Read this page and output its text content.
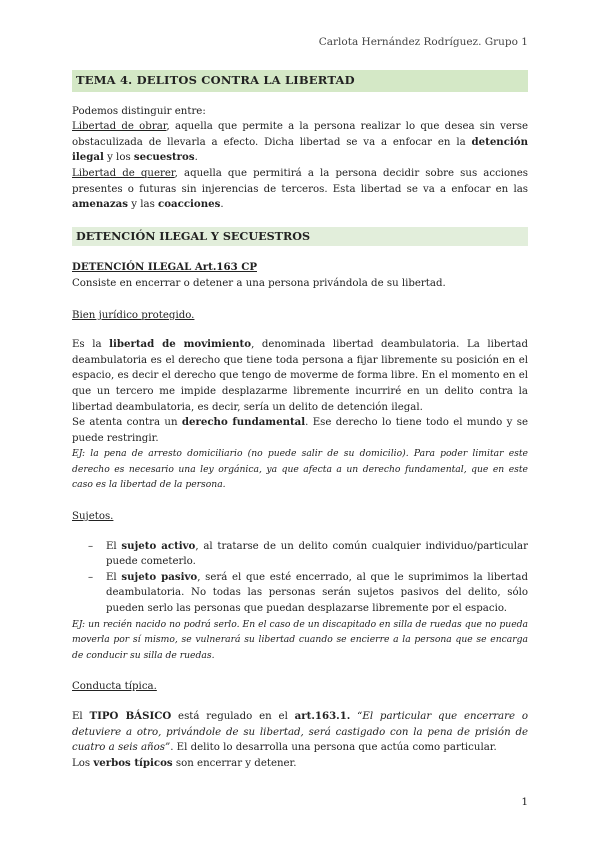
Carlota Hernández Rodríguez. Grupo 1
TEMA 4. DELITOS CONTRA LA LIBERTAD

Podemos distinguir entre:

Libertad de obrar, aquella que permite a la persona realizar lo que desea sin verse obstaculizada de llevarla a efecto. Dicha libertad se va a enfocar en la detención ilegal y los secuestros.

Libertad de querer, aquella que permitirá a la persona decidir sobre sus acciones presentes o futuras sin injerencias de terceros. Esta libertad se va a enfocar en las amenazas y las coacciones.

DETENCIÓN ILEGAL Y SECUESTROS

DETENCIÓN ILEGAL Art.163 CP

Consiste en encerrar o detener a una persona privándola de su libertad.

Bien jurídico protegido.

Es la libertad de movimiento, denominada libertad deambulatoria. La libertad deambulatoria es el derecho que tiene toda persona a fijar libremente su posición en el espacio, es decir el derecho que tengo de moverme de forma libre. En el momento en el que un tercero me impide desplazarme libremente incurriré en un delito contra la libertad deambulatoria, es decir, sería un delito de detención ilegal.

Se atenta contra un derecho fundamental. Ese derecho lo tiene todo el mundo y se puede restringir.

EJ: la pena de arresto domiciliario (no puede salir de su domicilio). Para poder limitar este derecho es necesario una ley orgánica, ya que afecta a un derecho fundamental, que en este caso es la libertad de la persona.

Sujetos.

– El sujeto activo, al tratarse de un delito común cualquier individuo/particular puede cometerlo.
– El sujeto pasivo, será el que esté encerrado, al que le suprimimos la libertad deambulatoria. No todas las personas serán sujetos pasivos del delito, sólo pueden serlo las personas que puedan desplazarse libremente por el espacio.

EJ: un recién nacido no podrá serlo. En el caso de un discapitado en silla de ruedas que no pueda moverla por sí mismo, se vulnerará su libertad cuando se encierre a la persona que se encarga de conducir su silla de ruedas.

Conducta típica.

El TIPO BÁSICO está regulado en el art.163.1. “El particular que encerrare o detuviere a otro, privándole de su libertad, será castigado con la pena de prisión de cuatro a seis años”. El delito lo desarrolla una persona que actúa como particular.

Los verbos típicos son encerrar y detener.

1
